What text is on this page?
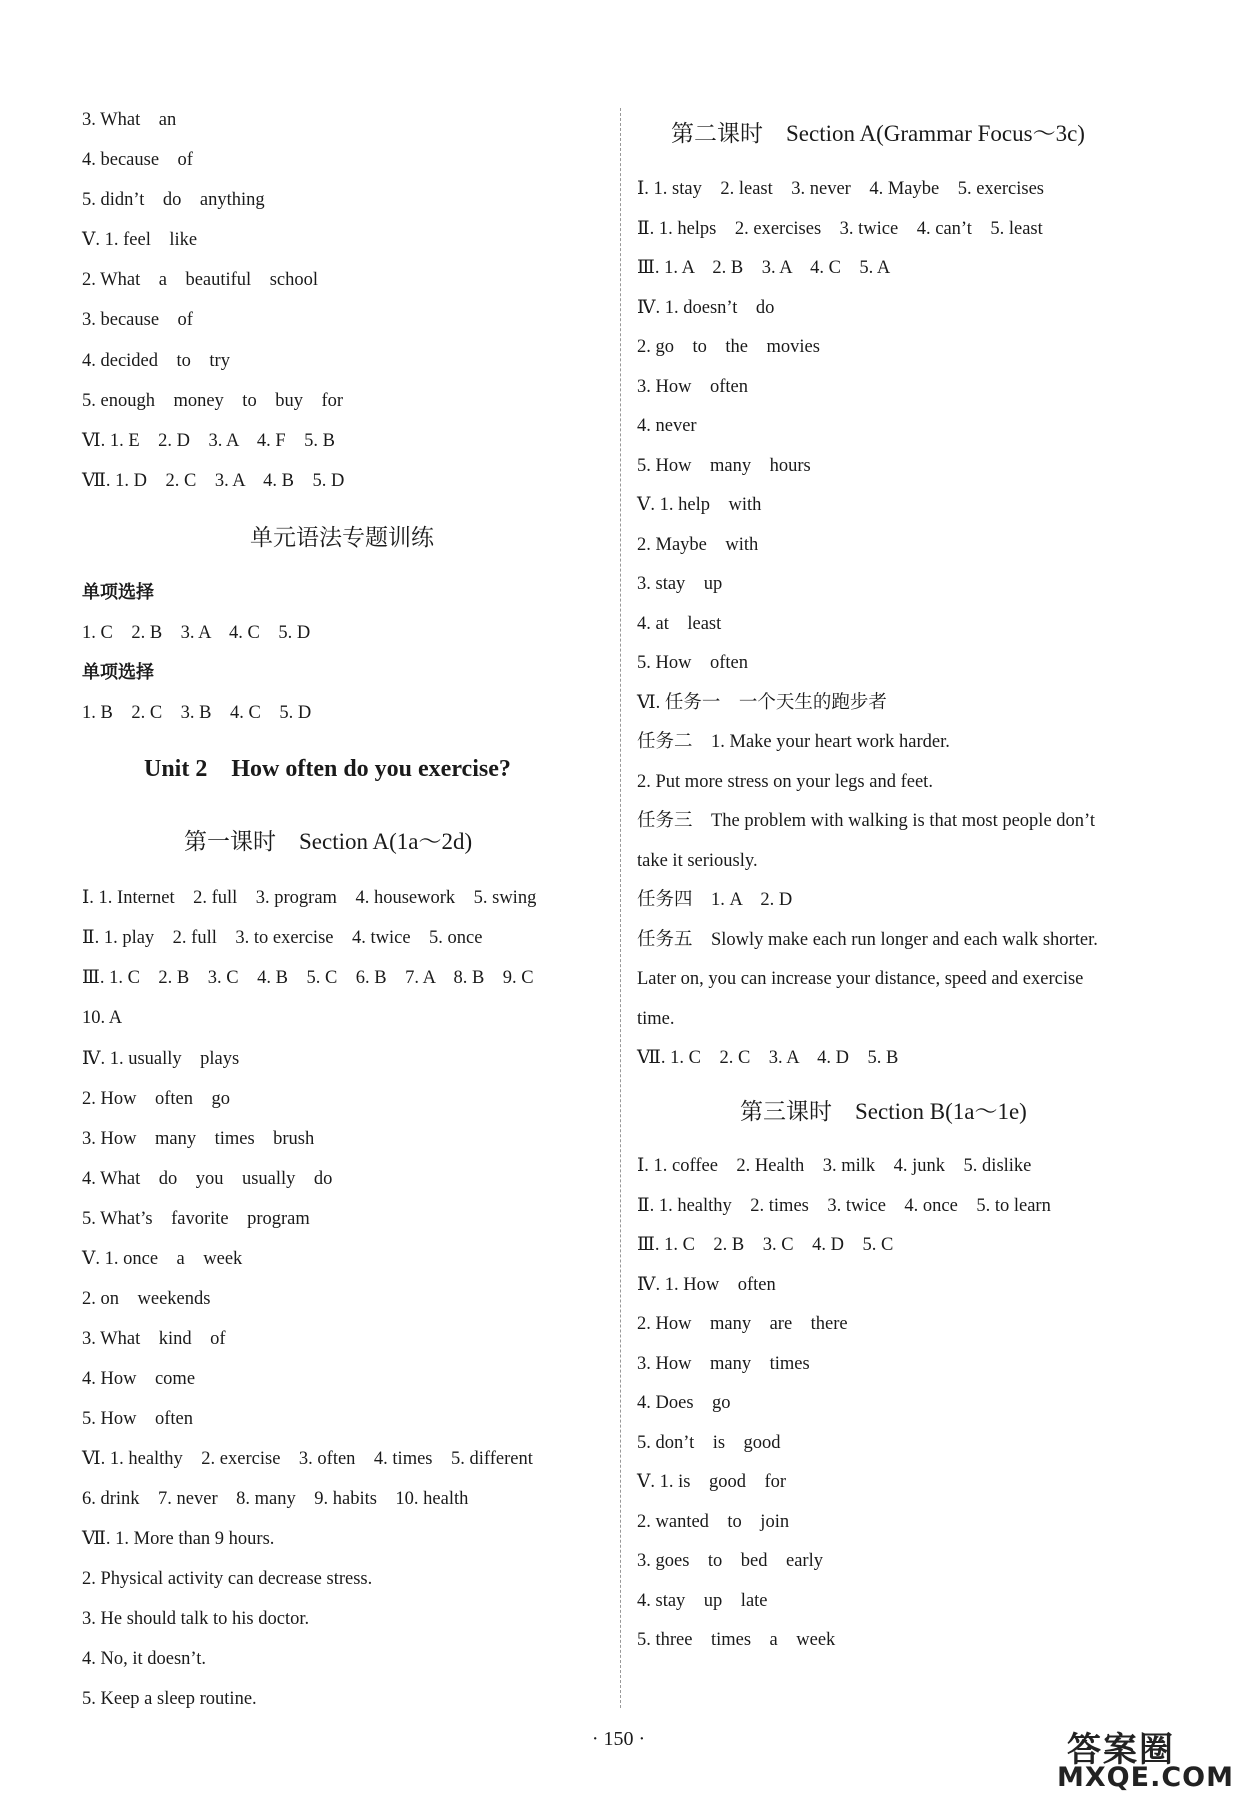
3. What    an
4. because    of
5. didn’t    do    anything
Ⅴ. 1. feel    like
2. What    a    beautiful    school
3. because    of
4. decided    to    try
5. enough    money    to    buy    for
Ⅵ. 1. E    2. D    3. A    4. F    5. B
Ⅶ. 1. D    2. C    3. A    4. B    5. D
单元语法专题训练
单项选择
1. C    2. B    3. A    4. C    5. D
单项选择
1. B    2. C    3. B    4. C    5. D
Unit 2    How often do you exercise?
第一课时    Section A(1a～2d)
Ⅰ. 1. Internet    2. full    3. program    4. housework    5. swing
Ⅱ. 1. play    2. full    3. to exercise    4. twice    5. once
Ⅲ. 1. C    2. B    3. C    4. B    5. C    6. B    7. A    8. B    9. C
10. A
Ⅳ. 1. usually    plays
2. How    often    go
3. How    many    times    brush
4. What    do    you    usually    do
5. What’s    favorite    program
Ⅴ. 1. once    a    week
2. on    weekends
3. What    kind    of
4. How    come
5. How    often
Ⅵ. 1. healthy    2. exercise    3. often    4. times    5. different
6. drink    7. never    8. many    9. habits    10. health
Ⅶ. 1. More than 9 hours.
2. Physical activity can decrease stress.
3. He should talk to his doctor.
4. No, it doesn’t.
5. Keep a sleep routine.
第二课时    Section A(Grammar Focus～3c)
Ⅰ. 1. stay    2. least    3. never    4. Maybe    5. exercises
Ⅱ. 1. helps    2. exercises    3. twice    4. can’t    5. least
Ⅲ. 1. A    2. B    3. A    4. C    5. A
Ⅳ. 1. doesn’t    do
2. go    to    the    movies
3. How    often
4. never
5. How    many    hours
Ⅴ. 1. help    with
2. Maybe    with
3. stay    up
4. at    least
5. How    often
Ⅵ. 任务一    一个天生的跑步者
任务二    1. Make your heart work harder.
2. Put more stress on your legs and feet.
任务三    The problem with walking is that most people don’t
take it seriously.
任务四    1. A    2. D
任务五    Slowly make each run longer and each walk shorter.
Later on, you can increase your distance, speed and exercise
time.
Ⅶ. 1. C    2. C    3. A    4. D    5. B
第三课时    Section B(1a～1e)
Ⅰ. 1. coffee    2. Health    3. milk    4. junk    5. dislike
Ⅱ. 1. healthy    2. times    3. twice    4. once    5. to learn
Ⅲ. 1. C    2. B    3. C    4. D    5. C
Ⅳ. 1. How    often
2. How    many    are    there
3. How    many    times
4. Does    go
5. don’t    is    good
Ⅴ. 1. is    good    for
2. wanted    to    join
3. goes    to    bed    early
4. stay    up    late
5. three    times    a    week
· 150 ·	答案圈
MXQE.COM
